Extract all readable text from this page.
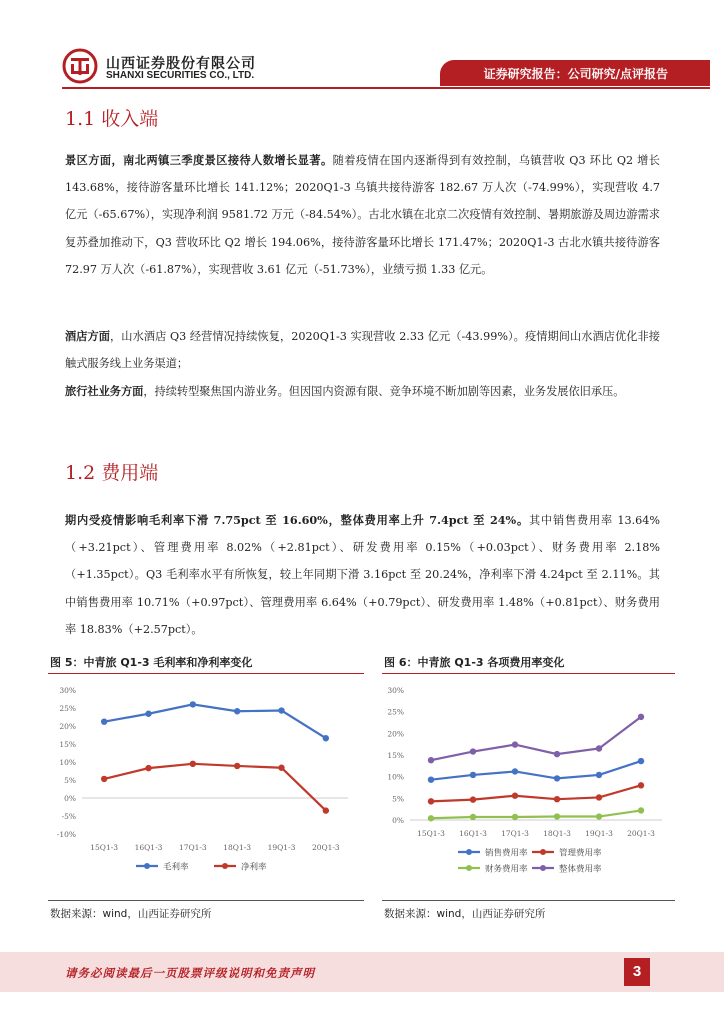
山西证券股份有限公司
SHANXI SECURITIES CO., LTD.	证券研究报告：公司研究/点评报告
1.1 收入端
景区方面，南北两镇三季度景区接待人数增长显著。随着疫情在国内逐渐得到有效控制，乌镇营收 Q3 环比 Q2 增长 143.68%，接待游客量环比增长 141.12%；2020Q1-3 乌镇共接待游客 182.67 万人次（-74.99%），实现营收 4.7 亿元（-65.67%），实现净利润 9581.72 万元（-84.54%）。古北水镇在北京二次疫情有效控制、暑期旅游及周边游需求复苏叠加推动下，Q3 营收环比 Q2 增长 194.06%，接待游客量环比增长 171.47%；2020Q1-3 古北水镇共接待游客 72.97 万人次（-61.87%），实现营收 3.61 亿元（-51.73%），业绩亏损 1.33 亿元。
酒店方面，山水酒店 Q3 经营情况持续恢复，2020Q1-3 实现营收 2.33 亿元（-43.99%）。疫情期间山水酒店优化非接触式服务线上业务渠道；
旅行社业务方面，持续转型聚焦国内游业务。但因国内资源有限、竞争环境不断加剧等因素，业务发展依旧承压。
1.2 费用端
期内受疫情影响毛利率下滑 7.75pct 至 16.60%，整体费用率上升 7.4pct 至 24%。其中销售费用率 13.64%（+3.21pct）、管理费用率 8.02%（+2.81pct）、研发费用率 0.15%（+0.03pct）、财务费用率 2.18%（+1.35pct）。Q3 毛利率水平有所恢复，较上年同期下滑 3.16pct 至 20.24%，净利率下滑 4.24pct 至 2.11%。其中销售费用率 10.71%（+0.97pct）、管理费用率 6.64%（+0.79pct）、研发费用率 1.48%（+0.81pct）、财务费用率 18.83%（+2.57pct）。
图 5：中青旅 Q1-3 毛利率和净利率变化
30%
25%
20%
15%
10%
5%
0%
-5%
-10%
15Q1-3 16Q1-3 17Q1-3 18Q1-3 19Q1-3 20Q1-3
毛利率	净利率
数据来源：wind，山西证券研究所
图 6：中青旅 Q1-3 各项费用率变化
30%
25%
20%
15%
10%
5%
0%
15Q1-3 16Q1-3 17Q1-3 18Q1-3 19Q1-3 20Q1-3
销售费用率	管理费用率
财务费用率	整体费用率
数据来源：wind，山西证券研究所
请务必阅读最后一页股票评级说明和免责声明	3
